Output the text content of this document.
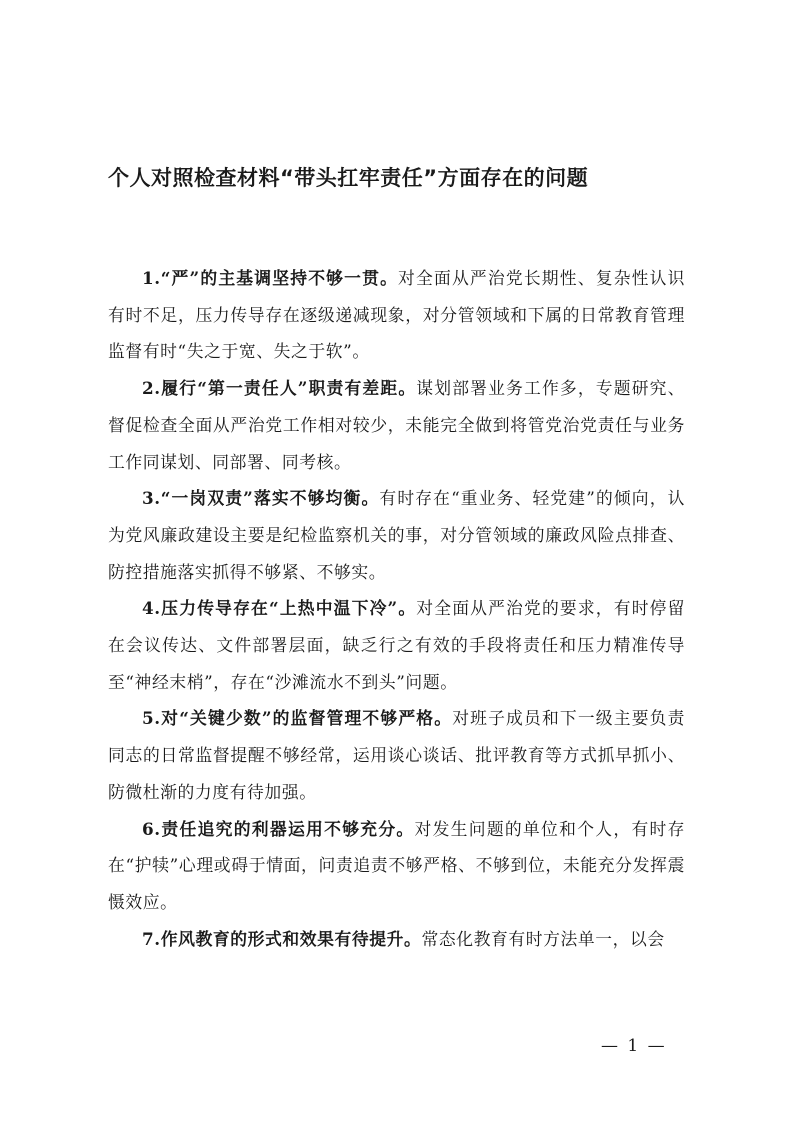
个人对照检查材料“带头扛牢责任”方面存在的问题

1.“严”的主基调坚持不够一贯。对全面从严治党长期性、复杂性认识有时不足，压力传导存在逐级递减现象，对分管领域和下属的日常教育管理监督有时“失之于宽、失之于软”。

2.履行“第一责任人”职责有差距。谋划部署业务工作多，专题研究、督促检查全面从严治党工作相对较少，未能完全做到将管党治党责任与业务工作同谋划、同部署、同考核。

3.“一岗双责”落实不够均衡。有时存在“重业务、轻党建”的倾向，认为党风廉政建设主要是纪检监察机关的事，对分管领域的廉政风险点排查、防控措施落实抓得不够紧、不够实。

4.压力传导存在“上热中温下冷”。对全面从严治党的要求，有时停留在会议传达、文件部署层面，缺乏行之有效的手段将责任和压力精准传导至“神经末梢”，存在“沙滩流水不到头”问题。

5.对“关键少数”的监督管理不够严格。对班子成员和下一级主要负责同志的日常监督提醒不够经常，运用谈心谈话、批评教育等方式抓早抓小、防微杜渐的力度有待加强。

6.责任追究的利器运用不够充分。对发生问题的单位和个人，有时存在“护犊”心理或碍于情面，问责追责不够严格、不够到位，未能充分发挥震慑效应。

7.作风教育的形式和效果有待提升。常态化教育有时方法单一，以会

— 1 —
